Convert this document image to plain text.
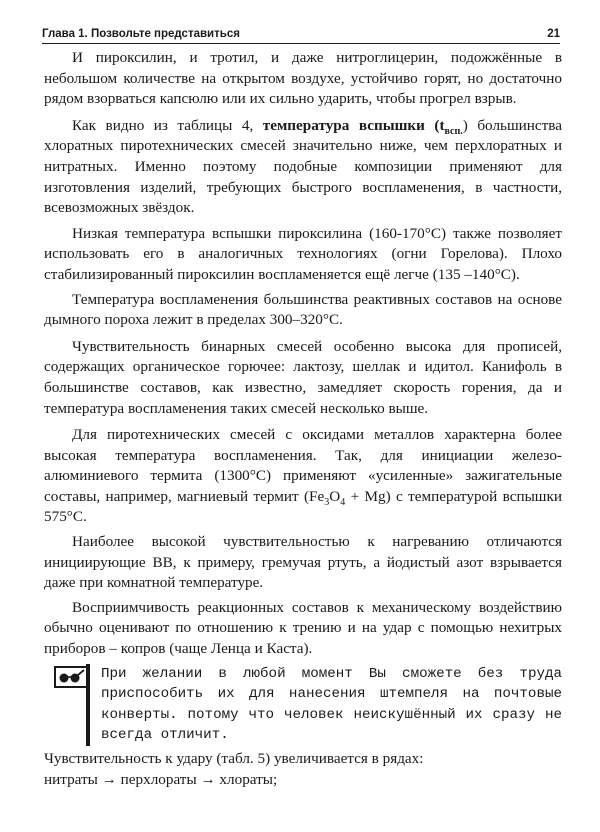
Глава 1. Позвольте представиться	21

И пироксилин, и тротил, и даже нитроглицерин, подожжённые в небольшом количестве на открытом воздухе, устойчиво горят, но достаточно рядом взорваться капсюлю или их сильно ударить, чтобы прогрел взрыв.

Как видно из таблицы 4, температура вспышки $(t_{всп.})$ большинства хлоратных пиротехнических смесей значительно ниже, чем перхлоратных и нитратных. Именно поэтому подобные композиции применяют для изготовления изделий, требующих быстрого воспламенения, в частности, всевозможных звёздок.

Низкая температура вспышки пироксилина (160-170°С) также позволяет использовать его в аналогичных технологиях (огни Горелова). Плохо стабилизированный пироксилин воспламеняется ещё легче (135 –140°С).

Температура воспламенения большинства реактивных составов на основе дымного пороха лежит в пределах 300–320°С.

Чувствительность бинарных смесей особенно высока для прописей, содержащих органическое горючее: лактозу, шеллак и идитол. Канифоль в большинстве составов, как известно, замедляет скорость горения, да и температура воспламенения таких смесей несколько выше.

Для пиротехнических смесей с оксидами металлов характерна более высокая температура воспламенения. Так, для инициации железо-алюминиевого термита (1300°С) применяют «усиленные» зажигательные составы, например, магниевый термит $(Fe_3O_4 + Mg)$ с температурой вспышки 575°С.

Наиболее высокой чувствительностью к нагреванию отличаются инициирующие ВВ, к примеру, гремучая ртуть, а йодистый азот взрывается даже при комнатной температуре.

Восприимчивость реакционных составов к механическому воздействию обычно оценивают по отношению к трению и на удар с помощью нехитрых приборов – копров (чаще Ленца и Каста).

При желании в любой момент Вы сможете без труда приспособить их для нанесения штемпеля на почтовые конверты. потому что человек неискушённый их сразу не всегда отличит.

Чувствительность к удару (табл. 5) увеличивается в рядах:

нитраты → перхлораты → хлораты;
